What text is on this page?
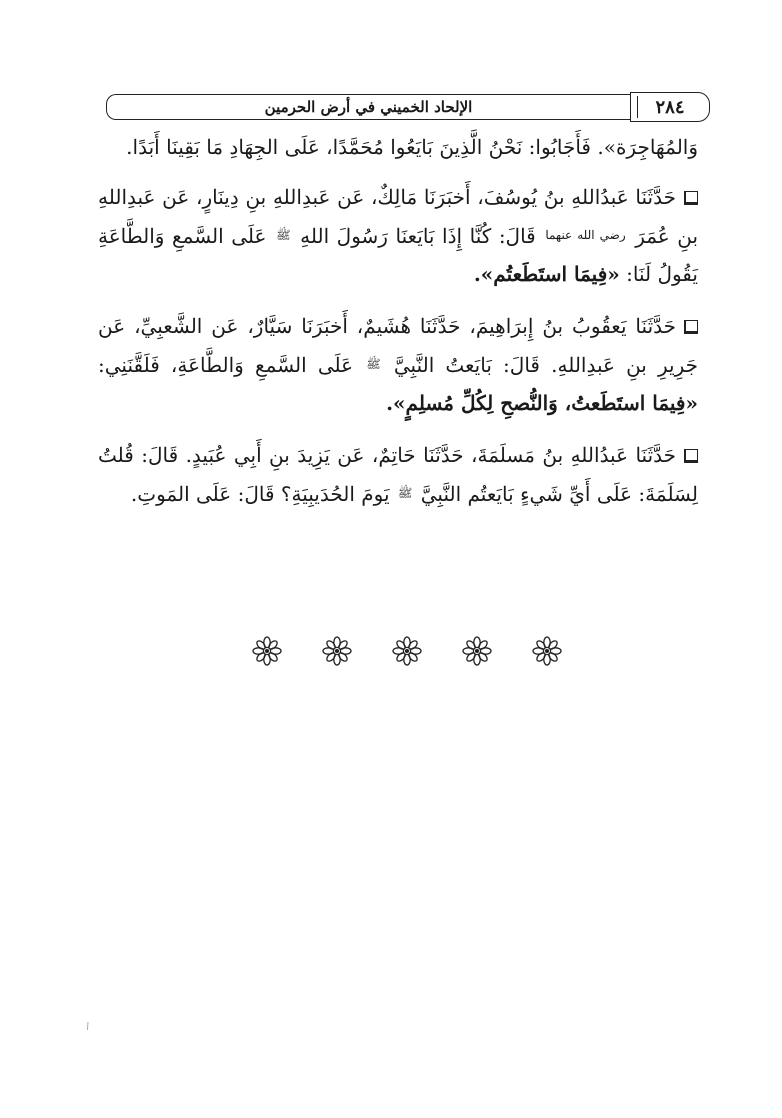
الإلحاد الخميني في أرض الحرمين	٢٨٤

وَالمُهَاجِرَة». فَأَجَابُوا: نَحْنُ الَّذِينَ بَايَعُوا مُحَمَّدًا، عَلَى الجِهَادِ مَا بَقِينَا أَبَدًا.

حَدَّثَنَا عَبدُاللهِ بنُ يُوسُفَ، أَخبَرَنَا مَالِكٌ، عَن عَبدِاللهِ بنِ دِينَارٍ، عَن عَبدِاللهِ بنِ عُمَرَ $^{رضي الله عنهما}$ قَالَ: كُنَّا إِذَا بَايَعنَا رَسُولَ اللهِ $^ﷺ$ عَلَى السَّمعِ وَالطَّاعَةِ يَقُولُ لَنَا: «فِيمَا استَطَعتُم».

حَدَّثَنَا يَعقُوبُ بنُ إِبرَاهِيمَ، حَدَّثَنَا هُشَيمٌ، أَخبَرَنَا سَيَّارٌ، عَن الشَّعبِيِّ، عَن جَرِيرِ بنِ عَبدِاللهِ. قَالَ: بَايَعتُ النَّبِيَّ $^ﷺ$ عَلَى السَّمعِ وَالطَّاعَةِ، فَلَقَّنَنِي: «فِيمَا استَطَعتُ، وَالنُّصحِ لِكُلِّ مُسلِمٍ».

حَدَّثَنَا عَبدُاللهِ بنُ مَسلَمَةَ، حَدَّثَنَا حَاتِمٌ، عَن يَزِيدَ بنِ أَبِي عُبَيدٍ. قَالَ: قُلتُ لِسَلَمَةَ: عَلَى أَيِّ شَيءٍ بَايَعتُم النَّبِيَّ $^ﷺ$ يَومَ الحُدَيبِيَةِ؟ قَالَ: عَلَى المَوتِ.
